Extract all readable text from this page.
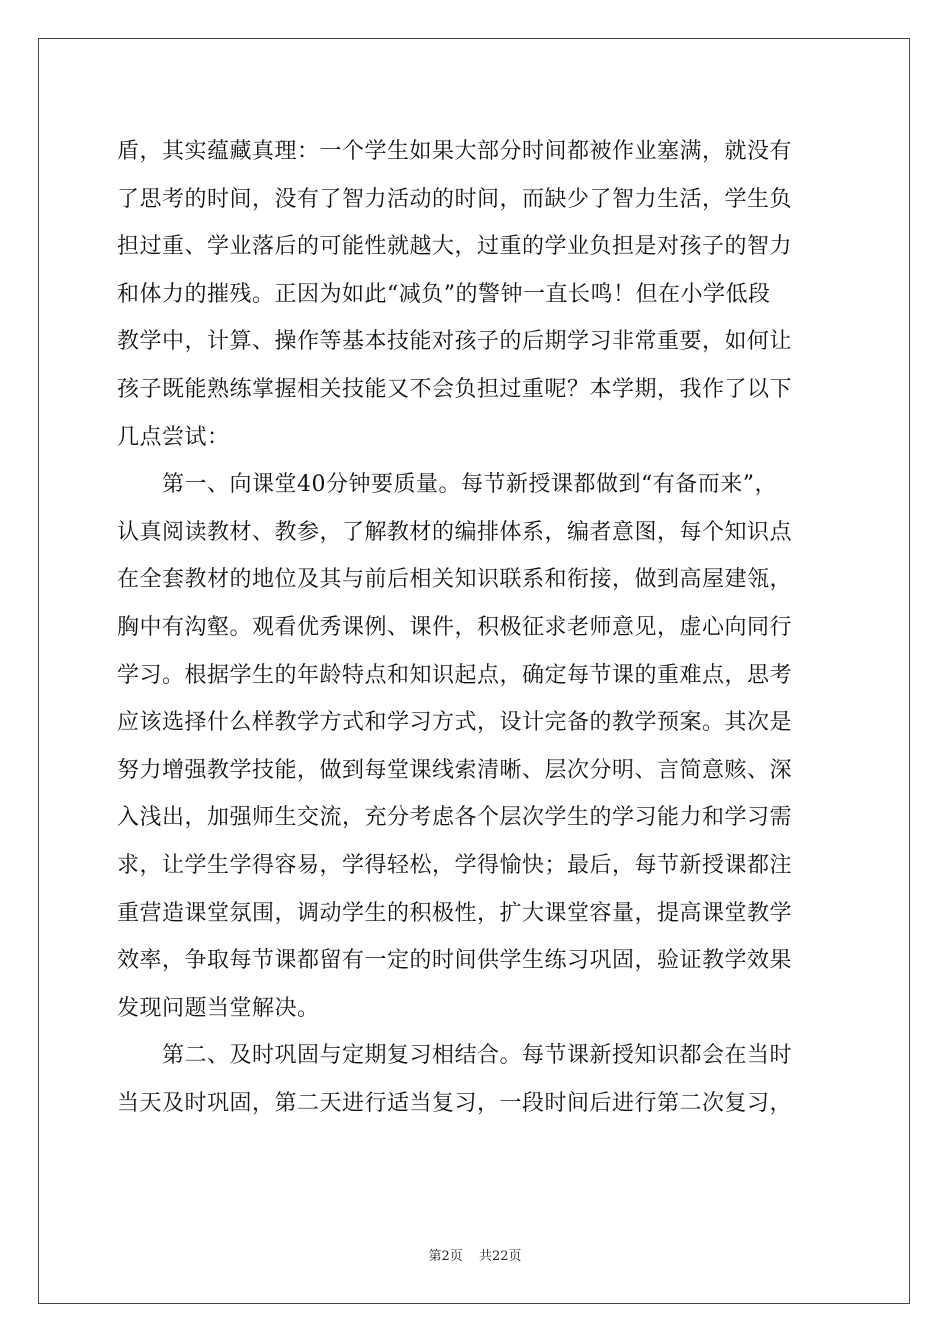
盾，其实蕴藏真理：一个学生如果大部分时间都被作业塞满，就没有
了思考的时间，没有了智力活动的时间，而缺少了智力生活，学生负
担过重、学业落后的可能性就越大，过重的学业负担是对孩子的智力
和体力的摧残。正因为如此“减负”的警钟一直长鸣！但在小学低段
教学中，计算、操作等基本技能对孩子的后期学习非常重要，如何让
孩子既能熟练掌握相关技能又不会负担过重呢？本学期，我作了以下
几点尝试：
　　第一、向课堂40分钟要质量。每节新授课都做到“有备而来”，
认真阅读教材、教参，了解教材的编排体系，编者意图，每个知识点
在全套教材的地位及其与前后相关知识联系和衔接，做到高屋建瓴，
胸中有沟壑。观看优秀课例、课件，积极征求老师意见，虚心向同行
学习。根据学生的年龄特点和知识起点，确定每节课的重难点，思考
应该选择什么样教学方式和学习方式，设计完备的教学预案。其次是
努力增强教学技能，做到每堂课线索清晰、层次分明、言简意赅、深
入浅出，加强师生交流，充分考虑各个层次学生的学习能力和学习需
求，让学生学得容易，学得轻松，学得愉快；最后，每节新授课都注
重营造课堂氛围，调动学生的积极性，扩大课堂容量，提高课堂教学
效率，争取每节课都留有一定的时间供学生练习巩固，验证教学效果
发现问题当堂解决。
　　第二、及时巩固与定期复习相结合。每节课新授知识都会在当时
当天及时巩固，第二天进行适当复习，一段时间后进行第二次复习，
第2页 共22页
